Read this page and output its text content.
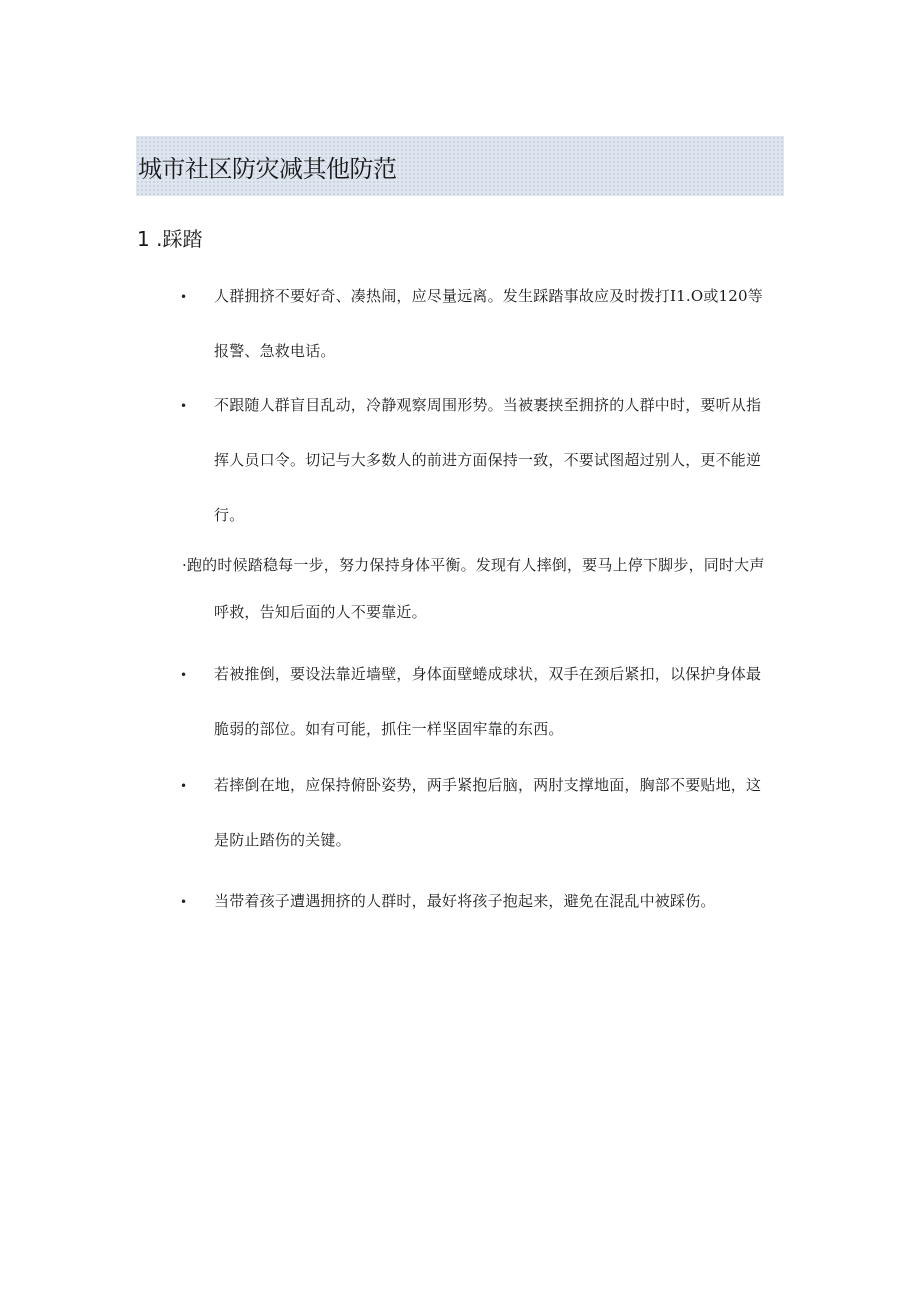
城市社区防灾减其他防范
1 .踩踏
• 人群拥挤不要好奇、凑热闹，应尽量远离。发生踩踏事故应及时拨打I1.O或120等报警、急救电话。
• 不跟随人群盲目乱动，冷静观察周围形势。当被裹挟至拥挤的人群中时，要听从指挥人员口令。切记与大多数人的前进方面保持一致，不要试图超过别人，更不能逆行。
·跑的时候踏稳每一步，努力保持身体平衡。发现有人摔倒，要马上停下脚步，同时大声
呼救，告知后面的人不要靠近。
• 若被推倒，要设法靠近墙壁，身体面壁蜷成球状，双手在颈后紧扣，以保护身体最脆弱的部位。如有可能，抓住一样坚固牢靠的东西。
• 若摔倒在地，应保持俯卧姿势，两手紧抱后脑，两肘支撑地面，胸部不要贴地，这是防止踏伤的关键。
• 当带着孩子遭遇拥挤的人群时，最好将孩子抱起来，避免在混乱中被踩伤。
